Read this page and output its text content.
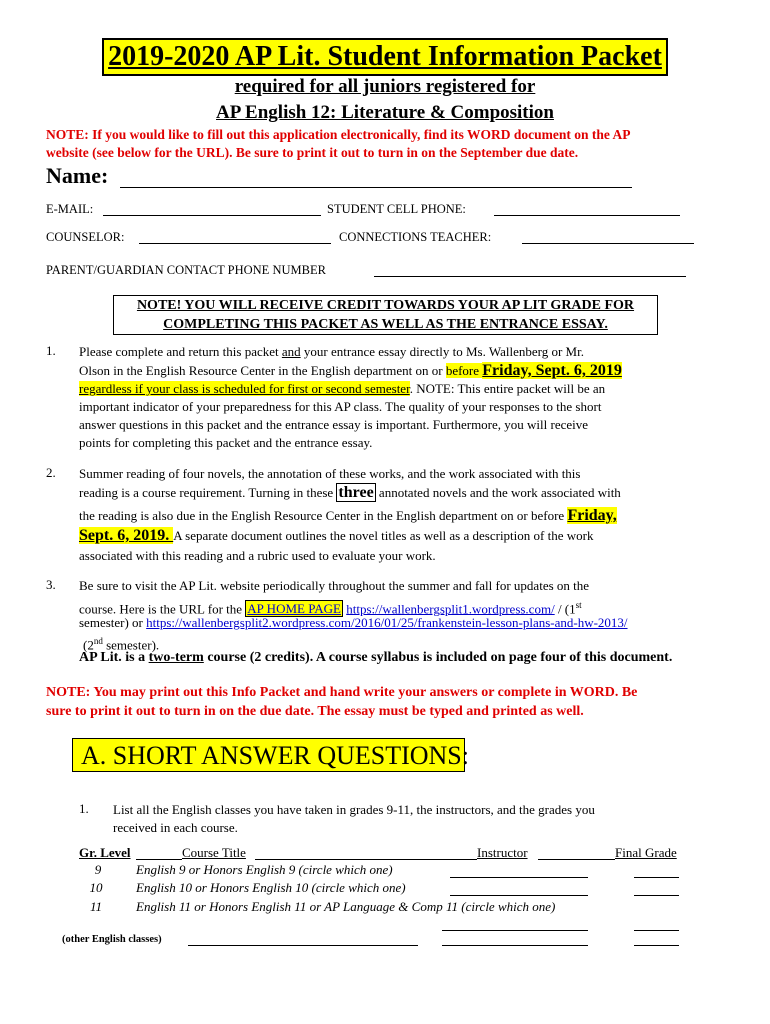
2019-2020 AP Lit. Student Information Packet
required for all juniors registered for
AP English 12: Literature & Composition
NOTE: If you would like to fill out this application electronically, find its WORD document on the AP
website (see below for the URL). Be sure to print it out to turn in on the September due date.
Name:
E-MAIL:	STUDENT CELL PHONE:
COUNSELOR:	CONNECTIONS TEACHER:
PARENT/GUARDIAN CONTACT PHONE NUMBER
NOTE! YOU WILL RECEIVE CREDIT TOWARDS YOUR AP LIT GRADE FOR
COMPLETING THIS PACKET AS WELL AS THE ENTRANCE ESSAY.
1. Please complete and return this packet and your entrance essay directly to Ms. Wallenberg or Mr.
Olson in the English Resource Center in the English department on or before Friday, Sept. 6, 2019
regardless if your class is scheduled for first or second semester. NOTE: This entire packet will be an
important indicator of your preparedness for this AP class. The quality of your responses to the short
answer questions in this packet and the entrance essay is important. Furthermore, you will receive
points for completing this packet and the entrance essay.
2. Summer reading of four novels, the annotation of these works, and the work associated with this
reading is a course requirement. Turning in these three annotated novels and the work associated with
the reading is also due in the English Resource Center in the English department on or before Friday,
Sept. 6, 2019. A separate document outlines the novel titles as well as a description of the work
associated with this reading and a rubric used to evaluate your work.
3. Be sure to visit the AP Lit. website periodically throughout the summer and fall for updates on the
course. Here is the URL for the AP HOME PAGE https://wallenbergsplit1.wordpress.com/ / (1st
semester) or https://wallenbergsplit2.wordpress.com/2016/01/25/frankenstein-lesson-plans-and-hw-2013/
(2nd semester).
AP Lit. is a two-term course (2 credits). A course syllabus is included on page four of this document.
NOTE: You may print out this Info Packet and hand write your answers or complete in WORD. Be
sure to print it out to turn in on the due date. The essay must be typed and printed as well.
A. SHORT ANSWER QUESTIONS:
1. List all the English classes you have taken in grades 9-11, the instructors, and the grades you
received in each course.
Gr. Level	Course Title	Instructor	Final Grade
9	English 9 or Honors English 9 (circle which one)
10	English 10 or Honors English 10 (circle which one)
11	English 11 or Honors English 11 or AP Language & Comp 11 (circle which one)
(other English classes)
